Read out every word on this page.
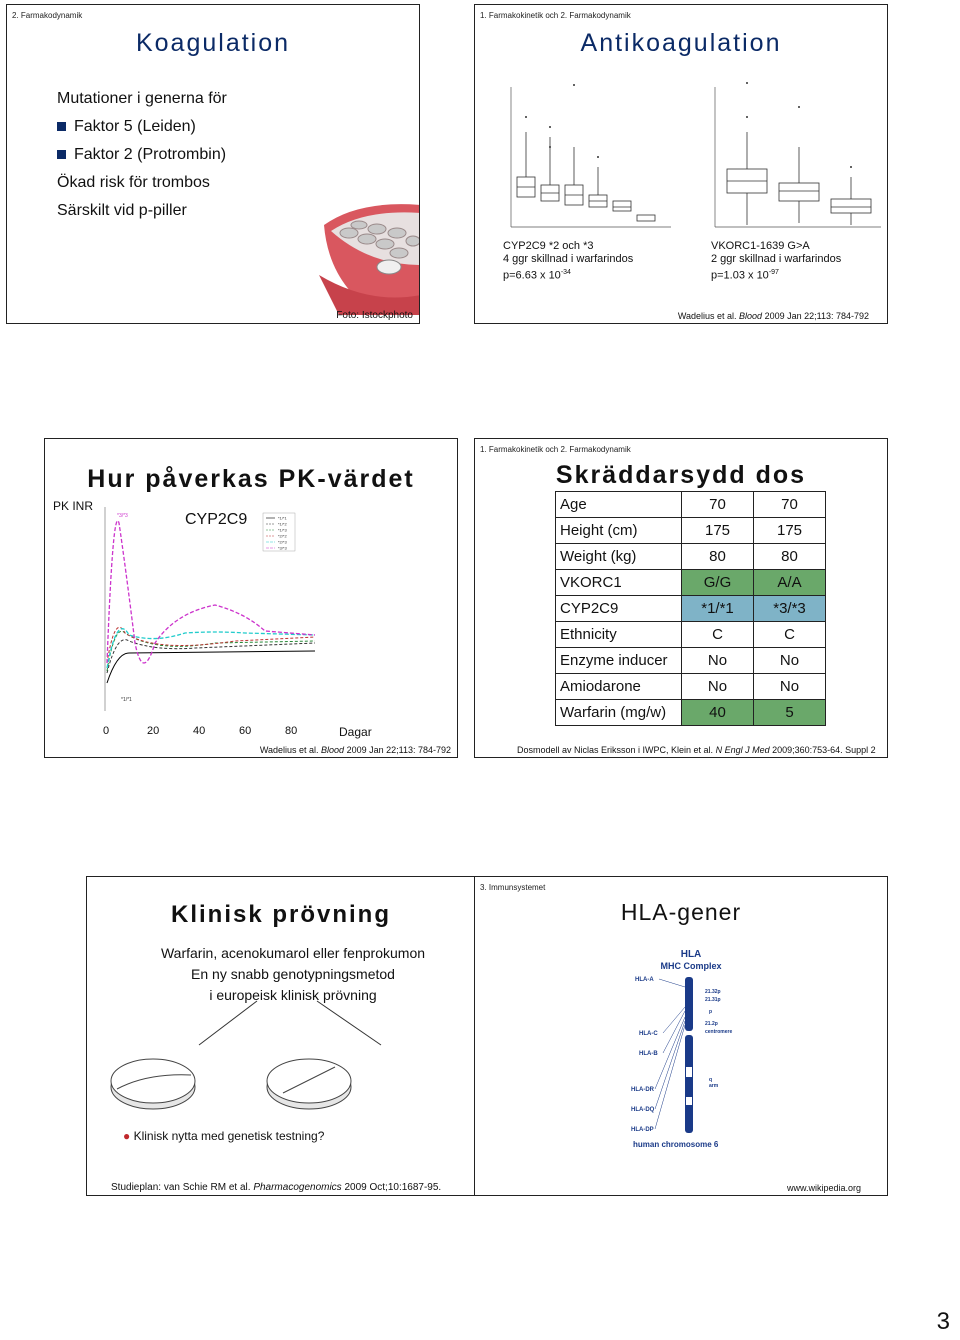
2. Farmakodynamik
Koagulation
Mutationer i generna för
Faktor 5 (Leiden)
Faktor 2 (Protrombin)
Ökad risk för trombos
Särskilt vid p-piller
Foto: Istockphoto
1. Farmakokinetik och 2. Farmakodynamik
Antikoagulation
CYP2C9 *2 och *3
4 ggr skillnad i warfarindos
p=6.63 x $10^{-34}$
VKORC1-1639 G>A
2 ggr skillnad i warfarindos
p=1.03 x $10^{-97}$
Wadelius et al. Blood 2009 Jan 22;113: 784-792
Hur påverkas PK-värdet
PK INR
CYP2C9	*1/*1
*1/*2
*1/*3
*2/*2
*2/*3
*3/*3
*3/*3
*1/*1
0	20	40	60	80	Dagar
Wadelius et al. Blood 2009 Jan 22;113: 784-792
1. Farmakokinetik och 2. Farmakodynamik
Skräddarsydd dos
Age	70	70
Height (cm)	175	175
Weight (kg)	80	80
VKORC1	G/G	A/A
CYP2C9	*1/*1	*3/*3
Ethnicity	C	C
Enzyme inducer	No	No
Amiodarone	No	No
Warfarin (mg/w)	40	5
Dosmodell av Niclas Eriksson i IWPC, Klein et al. N Engl J Med 2009;360:753-64. Suppl 2
EU-PACT
Klinisk prövning
Warfarin, acenokumarol eller fenprokumon
En ny snabb genotypningsmetod
i europeisk klinisk prövning
● Klinisk nytta med genetisk testning?
Studieplan: van Schie RM et al. Pharmacogenomics 2009 Oct;10:1687-95.
3. Immunsystemet
HLA-gener
HLA
MHC Complex
HLA-A
HLA-C
HLA-B
HLA-DR
HLA-DQ
HLA-DP
21.32p
21.31p
p
21.2p
centromere
q
arm
human chromosome 6
www.wikipedia.org
3
